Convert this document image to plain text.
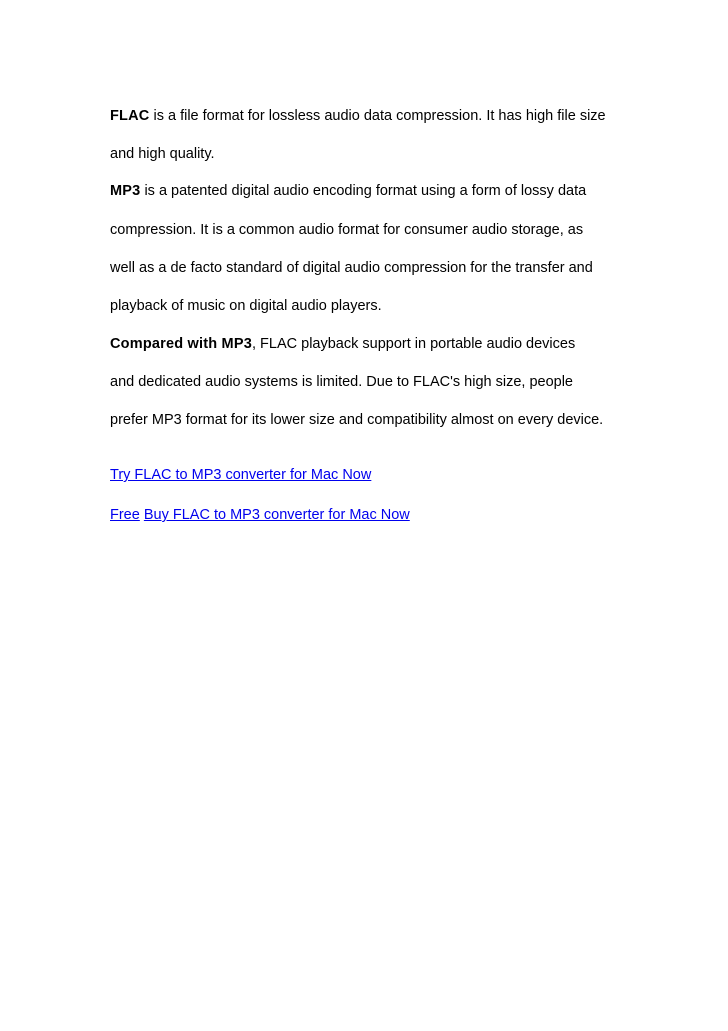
FLAC is a file format for lossless audio data compression. It has high file size
and high quality.
MP3 is a patented digital audio encoding format using a form of lossy data
compression. It is a common audio format for consumer audio storage, as
well as a de facto standard of digital audio compression for the transfer and
playback of music on digital audio players.
Compared with MP3, FLAC playback support in portable audio devices
and dedicated audio systems is limited. Due to FLAC's high size, people
prefer MP3 format for its lower size and compatibility almost on every device.
Try FLAC to MP3 converter for Mac Now
Free Buy FLAC to MP3 converter for Mac Now
